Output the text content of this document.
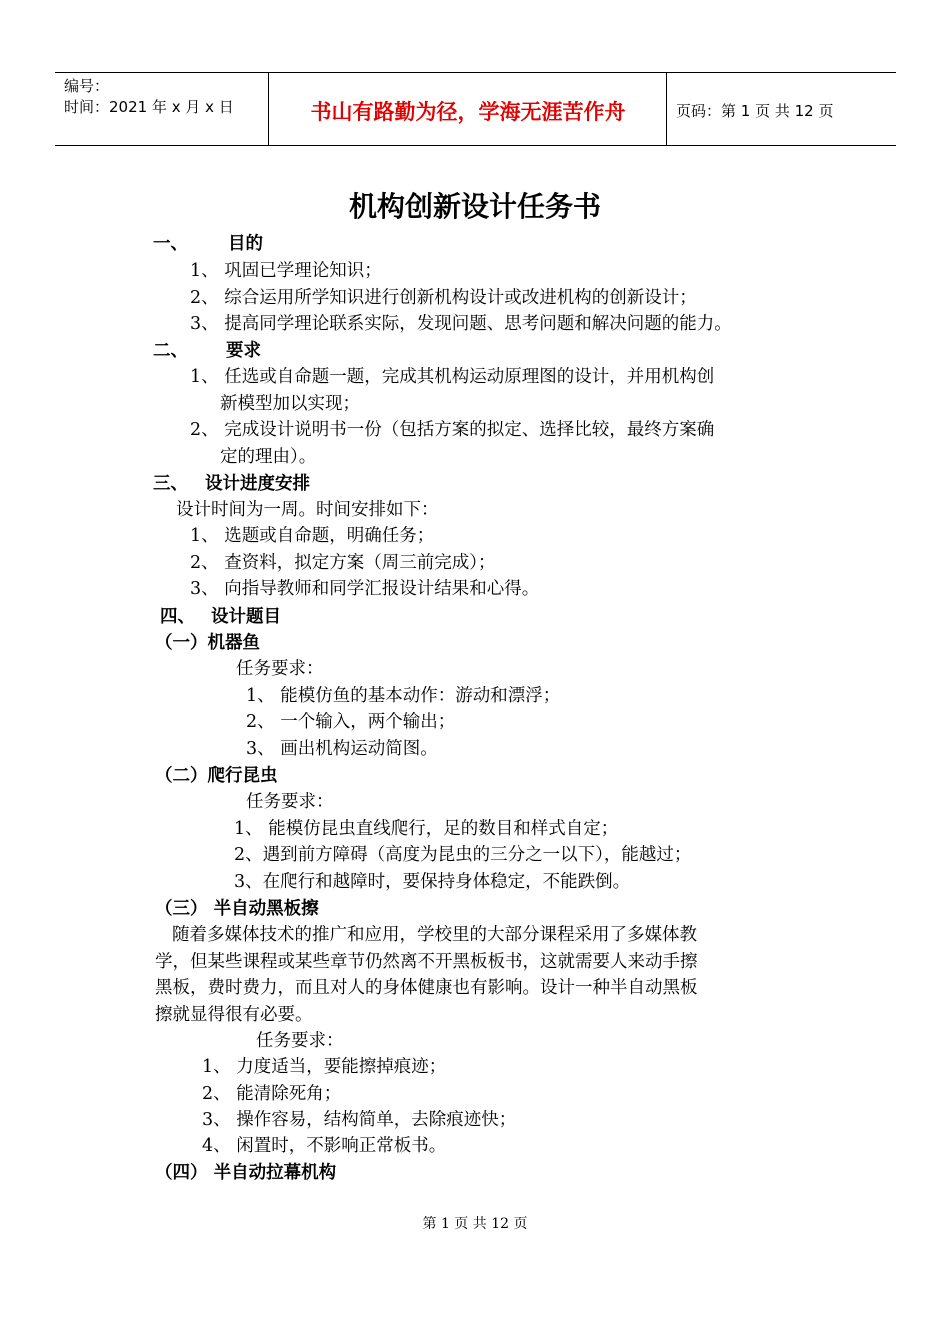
编号：
时间：2021 年 x 月 x 日	书山有路勤为径，学海无涯苦作舟	页码：第 1 页 共 12 页
机构创新设计任务书
一、 目的
1、 巩固已学理论知识；
2、 综合运用所学知识进行创新机构设计或改进机构的创新设计；
3、 提高同学理论联系实际，发现问题、思考问题和解决问题的能力。
二、 要求
1、 任选或自命题一题，完成其机构运动原理图的设计，并用机构创
新模型加以实现；
2、 完成设计说明书一份（包括方案的拟定、选择比较，最终方案确
定的理由）。
三、 设计进度安排
设计时间为一周。时间安排如下：
1、 选题或自命题，明确任务；
2、 查资料，拟定方案（周三前完成）；
3、 向指导教师和同学汇报设计结果和心得。
四、 设计题目
（一）机器鱼
任务要求：
1、 能模仿鱼的基本动作：游动和漂浮；
2、 一个输入，两个输出；
3、 画出机构运动简图。
（二）爬行昆虫
任务要求：
1、 能模仿昆虫直线爬行，足的数目和样式自定；
2、遇到前方障碍（高度为昆虫的三分之一以下），能越过；
3、在爬行和越障时，要保持身体稳定，不能跌倒。
（三） 半自动黑板擦
随着多媒体技术的推广和应用，学校里的大部分课程采用了多媒体教
学，但某些课程或某些章节仍然离不开黑板板书，这就需要人来动手擦
黑板，费时费力，而且对人的身体健康也有影响。设计一种半自动黑板
擦就显得很有必要。
任务要求：
1、 力度适当，要能擦掉痕迹；
2、 能清除死角；
3、 操作容易，结构简单，去除痕迹快；
4、 闲置时，不影响正常板书。
（四） 半自动拉幕机构
第 1 页 共 12 页
